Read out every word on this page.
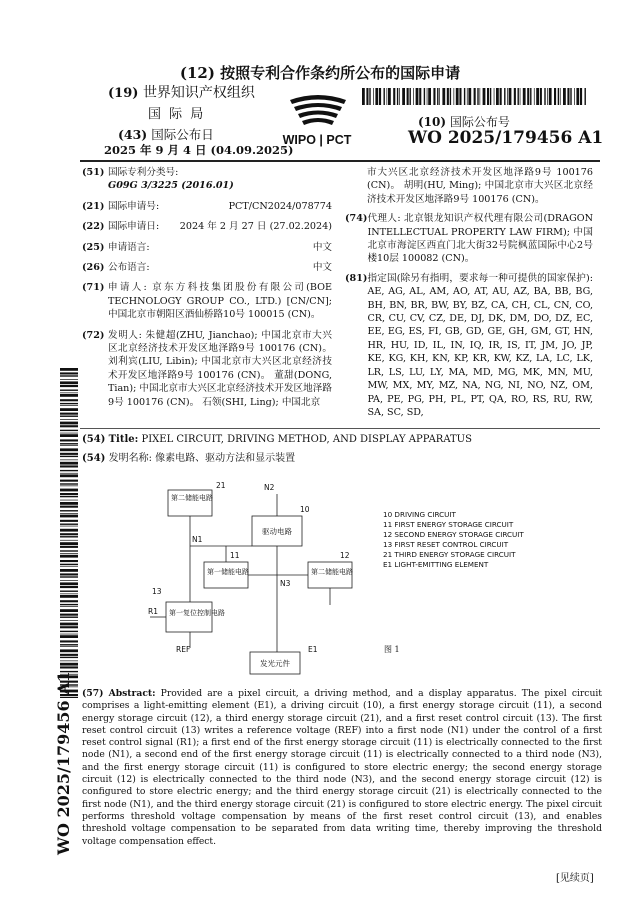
(12) 按照专利合作条约所公布的国际申请
(19) 世界知识产权组织
国 际 局
(43) 国际公布日
2025 年 9 月 4 日 (04.09.2025)
WIPO | PCT
(10) 国际公布号
WO 2025/179456 A1
(51) 国际专利分类号:
G09G 3/3225 (2016.01)
(21) 国际申请号:	PCT/CN2024/078774
(22) 国际申请日: 2024 年 2 月 27 日 (27.02.2024)
(25) 申请语言:	中文
(26) 公布语言:	中文
(71) 申请人: 京东方科技集团股份有限公司(BOE TECHNOLOGY GROUP CO., LTD.) [CN/CN]; 中国北京市朝阳区酒仙桥路10号 100015 (CN)。
(72) 发明人: 朱健超(ZHU, Jianchao); 中国北京市大兴区北京经济技术开发区地泽路9号 100176 (CN)。 刘利宾(LIU, Libin); 中国北京市大兴区北京经济技术开发区地泽路9号 100176 (CN)。 董甜(DONG, Tian); 中国北京市大兴区北京经济技术开发区地泽路9号 100176 (CN)。 石领(SHI, Ling); 中国北京
市大兴区北京经济技术开发区地泽路9号 100176 (CN)。 胡明(HU, Ming); 中国北京市大兴区北京经济技术开发区地泽路9号 100176 (CN)。
(74) 代理人: 北京银龙知识产权代理有限公司(DRAGON INTELLECTUAL PROPERTY LAW FIRM); 中国北京市海淀区西直门北大街32号院枫蓝国际中心2号楼10层 100082 (CN)。
(81) 指定国(除另有指明，要求每一种可提供的国家保护): AE, AG, AL, AM, AO, AT, AU, AZ, BA, BB, BG, BH, BN, BR, BW, BY, BZ, CA, CH, CL, CN, CO, CR, CU, CV, CZ, DE, DJ, DK, DM, DO, DZ, EC, EE, EG, ES, FI, GB, GD, GE, GH, GM, GT, HN, HR, HU, ID, IL, IN, IQ, IR, IS, IT, JM, JO, JP, KE, KG, KH, KN, KP, KR, KW, KZ, LA, LC, LK, LR, LS, LU, LY, MA, MD, MG, MK, MN, MU, MW, MX, MY, MZ, NA, NG, NI, NO, NZ, OM, PA, PE, PG, PH, PL, PT, QA, RO, RS, RU, RW, SA, SC, SD,
(54) Title: PIXEL CIRCUIT, DRIVING METHOD, AND DISPLAY APPARATUS
(54) 发明名称: 像素电路、驱动方法和显示装置
第二储能电路
驱动电路
第一储能电路	第二储能电路
第一复位控制电路
发光元件
21
10
11	12
13
N1
N2
N3
R1
REF	E1
10 DRIVING CIRCUIT
11 FIRST ENERGY STORAGE CIRCUIT
12 SECOND ENERGY STORAGE CIRCUIT
13 FIRST RESET CONTROL CIRCUIT
21 THIRD ENERGY STORAGE CIRCUIT
E1 LIGHT-EMITTING ELEMENT
图 1
(57) Abstract: Provided are a pixel circuit, a driving method, and a display apparatus. The pixel circuit comprises a light-emitting element (E1), a driving circuit (10), a first energy storage circuit (11), a second energy storage circuit (12), a third energy storage circuit (21), and a first reset control circuit (13). The first reset control circuit (13) writes a reference voltage (REF) into a first node (N1) under the control of a first reset control signal (R1); a first end of the first energy storage circuit (11) is electrically connected to the first node (N1), a second end of the first energy storage circuit (11) is electrically connected to a third node (N3), and the first energy storage circuit (11) is configured to store electric energy; the second energy storage circuit (12) is electrically connected to the third node (N3), and the second energy storage circuit (12) is configured to store electric energy; and the third energy storage circuit (21) is electrically connected to the first node (N1), and the third energy storage circuit (21) is configured to store electric energy. The pixel circuit performs threshold voltage compensation by means of the first reset control circuit (13), and enables threshold voltage compensation to be separated from data writing time, thereby improving the threshold voltage compensation effect.
WO 2025/179456 A1
[见续页]
